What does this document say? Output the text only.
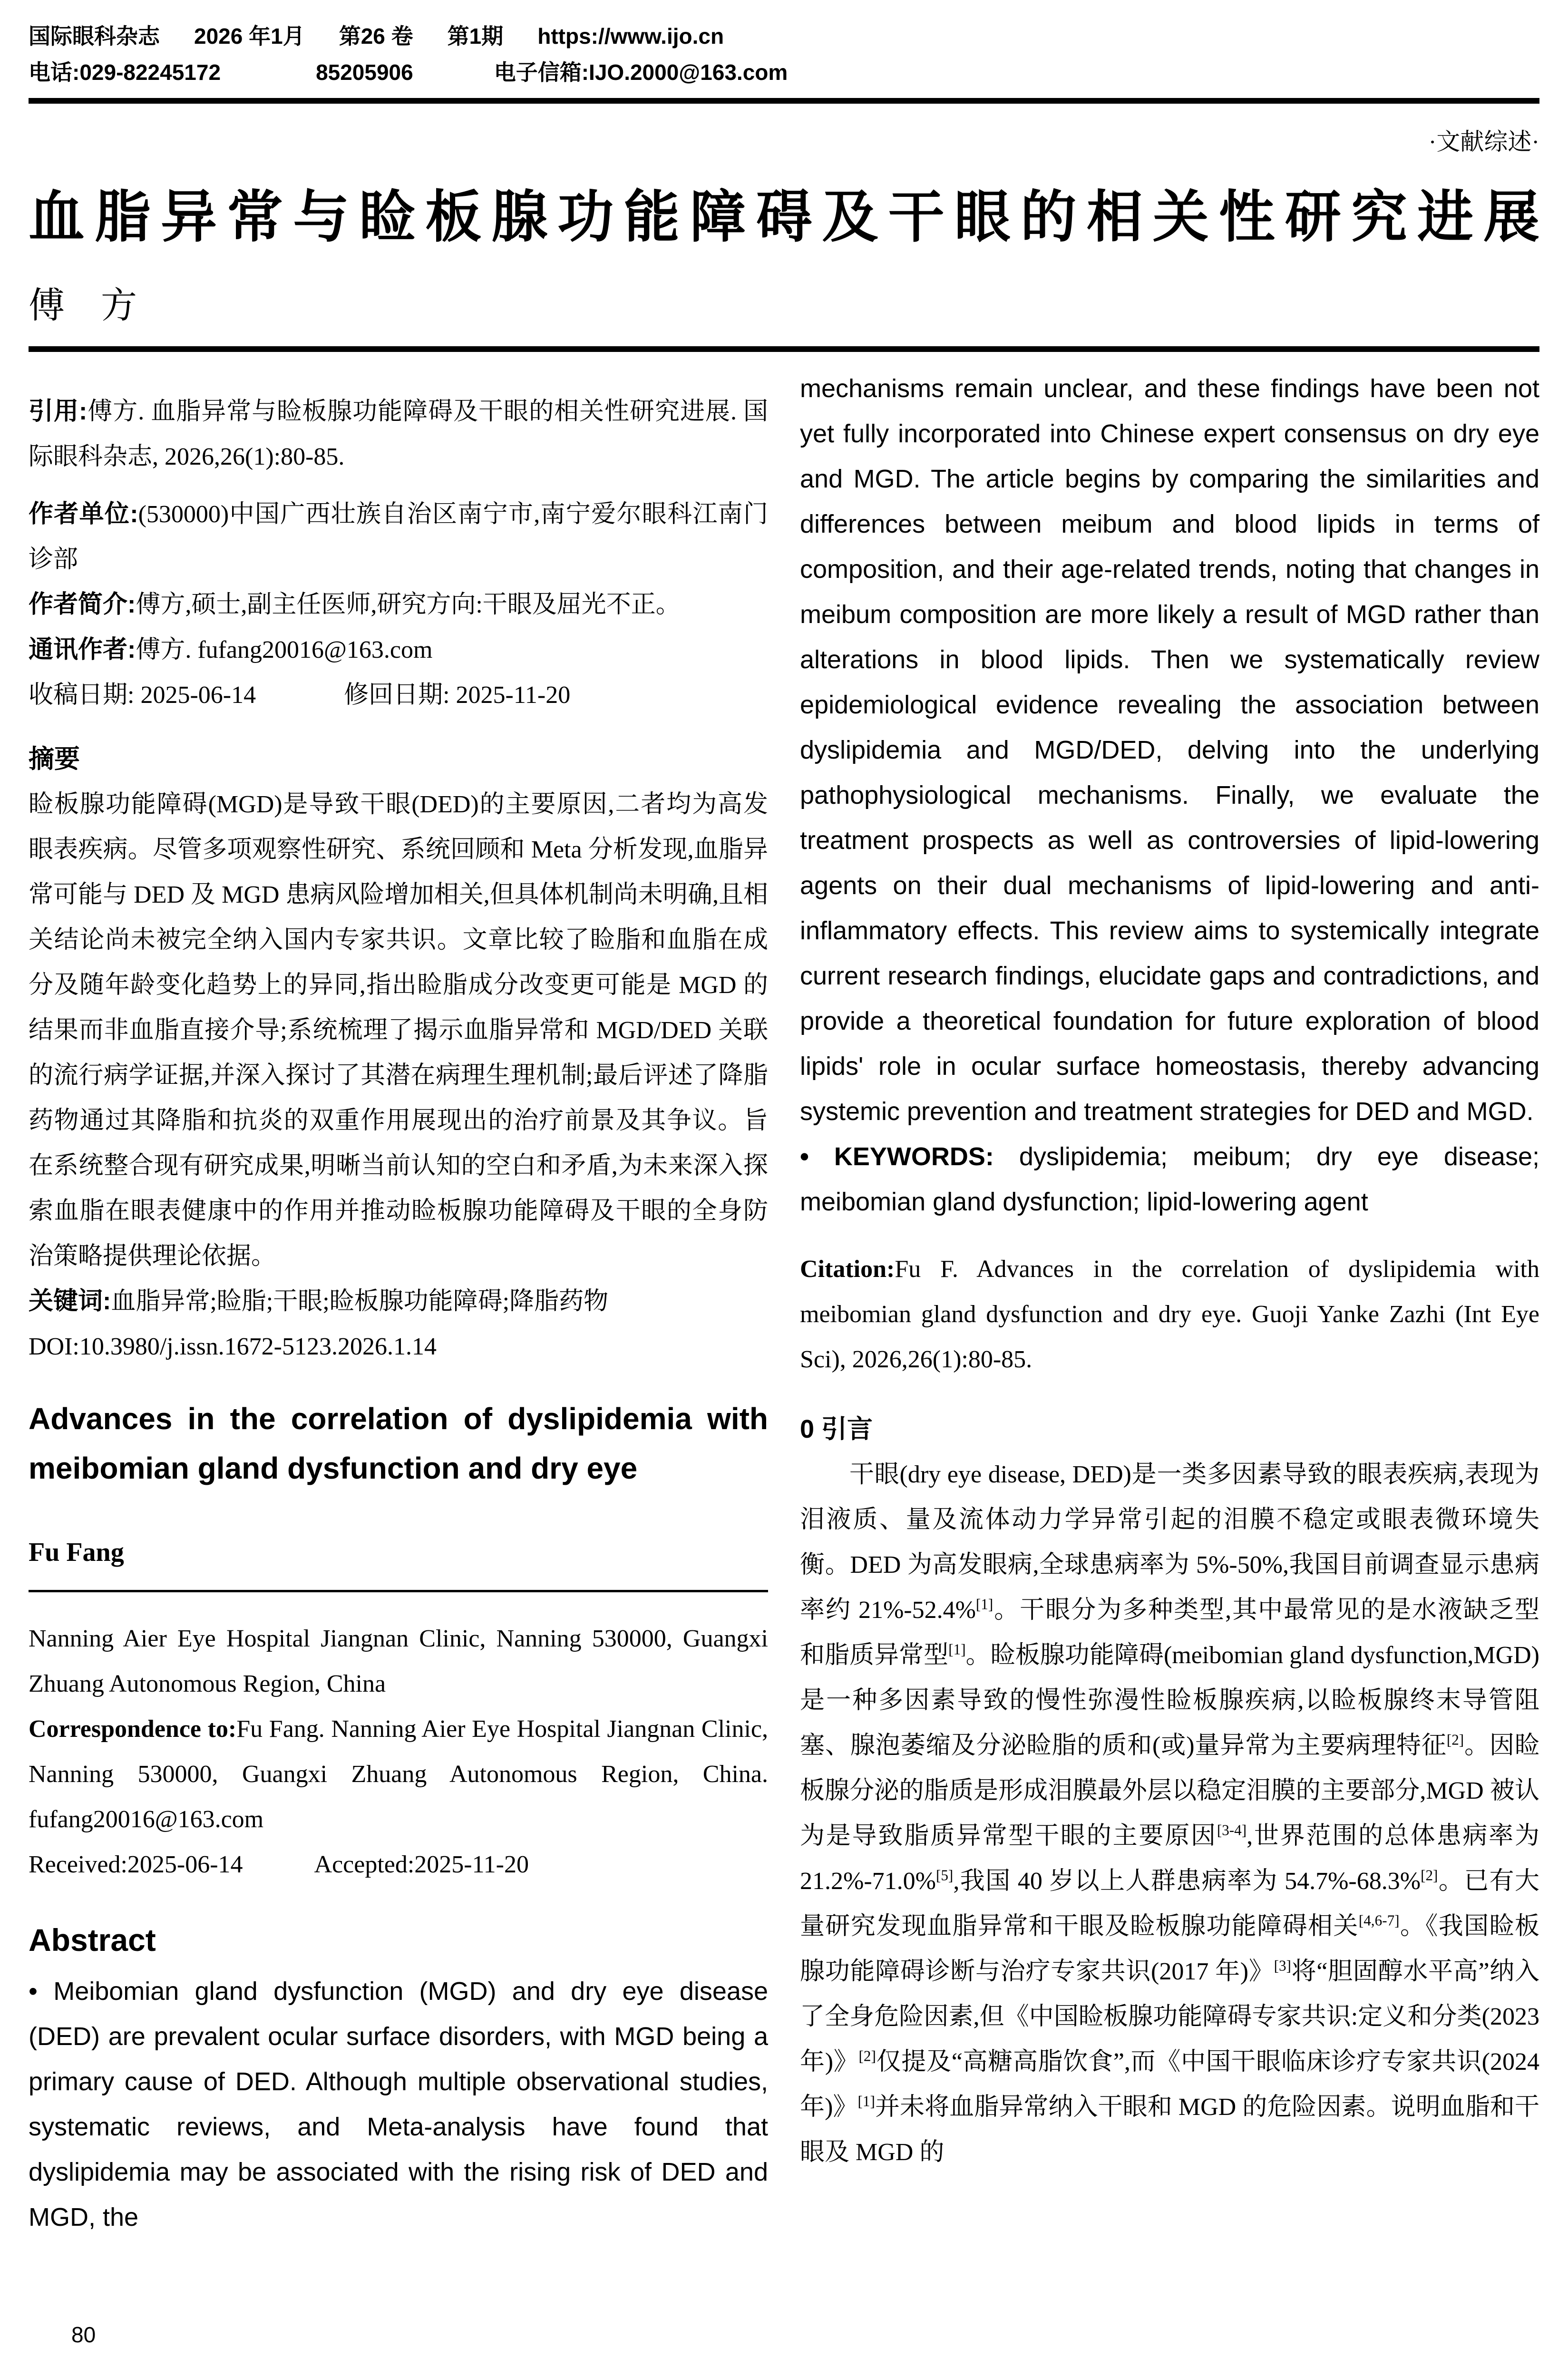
国际眼科杂志 2026 年1月 第26 卷 第1期 https://www.ijo.cn
电话:029-82245172	85205906	电子信箱:IJO.2000@163.com
·文献综述·
血脂异常与睑板腺功能障碍及干眼的相关性研究进展
傅　方

引用:傅方. 血脂异常与睑板腺功能障碍及干眼的相关性研究进展. 国际眼科杂志, 2026,26(1):80-85.

作者单位:(530000)中国广西壮族自治区南宁市,南宁爱尔眼科江南门诊部

作者简介:傅方,硕士,副主任医师,研究方向:干眼及屈光不正。

通讯作者:傅方. fufang20016@163.com

收稿日期: 2025-06-14	修回日期: 2025-11-20

摘要

睑板腺功能障碍(MGD)是导致干眼(DED)的主要原因,二者均为高发眼表疾病。尽管多项观察性研究、系统回顾和 Meta 分析发现,血脂异常可能与 DED 及 MGD 患病风险增加相关,但具体机制尚未明确,且相关结论尚未被完全纳入国内专家共识。文章比较了睑脂和血脂在成分及随年龄变化趋势上的异同,指出睑脂成分改变更可能是 MGD 的结果而非血脂直接介导;系统梳理了揭示血脂异常和 MGD/DED 关联的流行病学证据,并深入探讨了其潜在病理生理机制;最后评述了降脂药物通过其降脂和抗炎的双重作用展现出的治疗前景及其争议。旨在系统整合现有研究成果,明晰当前认知的空白和矛盾,为未来深入探索血脂在眼表健康中的作用并推动睑板腺功能障碍及干眼的全身防治策略提供理论依据。

关键词:血脂异常;睑脂;干眼;睑板腺功能障碍;降脂药物

DOI:10.3980/j.issn.1672-5123.2026.1.14

Advances in the correlation of dyslipidemia with meibomian gland dysfunction and dry eye
Fu Fang

Nanning Aier Eye Hospital Jiangnan Clinic, Nanning 530000, Guangxi Zhuang Autonomous Region, China

Correspondence to:Fu Fang. Nanning Aier Eye Hospital Jiangnan Clinic, Nanning 530000, Guangxi Zhuang Autonomous Region, China. fufang20016@163.com

Received:2025-06-14	Accepted:2025-11-20

Abstract

• Meibomian gland dysfunction (MGD) and dry eye disease (DED) are prevalent ocular surface disorders, with MGD being a primary cause of DED. Although multiple observational studies, systematic reviews, and Meta-analysis have found that dyslipidemia may be associated with the rising risk of DED and MGD, the

mechanisms remain unclear, and these findings have been not yet fully incorporated into Chinese expert consensus on dry eye and MGD. The article begins by comparing the similarities and differences between meibum and blood lipids in terms of composition, and their age-related trends, noting that changes in meibum composition are more likely a result of MGD rather than alterations in blood lipids. Then we systematically review epidemiological evidence revealing the association between dyslipidemia and MGD/DED, delving into the underlying pathophysiological mechanisms. Finally, we evaluate the treatment prospects as well as controversies of lipid-lowering agents on their dual mechanisms of lipid-lowering and anti-inflammatory effects. This review aims to systemically integrate current research findings, elucidate gaps and contradictions, and provide a theoretical foundation for future exploration of blood lipids' role in ocular surface homeostasis, thereby advancing systemic prevention and treatment strategies for DED and MGD.

• KEYWORDS: dyslipidemia; meibum; dry eye disease; meibomian gland dysfunction; lipid-lowering agent

Citation:Fu F. Advances in the correlation of dyslipidemia with meibomian gland dysfunction and dry eye. Guoji Yanke Zazhi (Int Eye Sci), 2026,26(1):80-85.

0 引言

干眼(dry eye disease, DED)是一类多因素导致的眼表疾病,表现为泪液质、量及流体动力学异常引起的泪膜不稳定或眼表微环境失衡。DED 为高发眼病,全球患病率为 5%-50%,我国目前调查显示患病率约 21%-52.4%[1]。干眼分为多种类型,其中最常见的是水液缺乏型和脂质异常型[1]。睑板腺功能障碍(meibomian gland dysfunction,MGD)是一种多因素导致的慢性弥漫性睑板腺疾病,以睑板腺终末导管阻塞、腺泡萎缩及分泌睑脂的质和(或)量异常为主要病理特征[2]。因睑板腺分泌的脂质是形成泪膜最外层以稳定泪膜的主要部分,MGD 被认为是导致脂质异常型干眼的主要原因[3-4],世界范围的总体患病率为 21.2%-71.0%[5],我国 40 岁以上人群患病率为 54.7%-68.3%[2]。已有大量研究发现血脂异常和干眼及睑板腺功能障碍相关[4,6-7]。《我国睑板腺功能障碍诊断与治疗专家共识(2017 年)》[3]将“胆固醇水平高”纳入了全身危险因素,但《中国睑板腺功能障碍专家共识:定义和分类(2023 年)》[2]仅提及“高糖高脂饮食”,而《中国干眼临床诊疗专家共识(2024 年)》[1]并未将血脂异常纳入干眼和 MGD 的危险因素。说明血脂和干眼及 MGD 的

80
